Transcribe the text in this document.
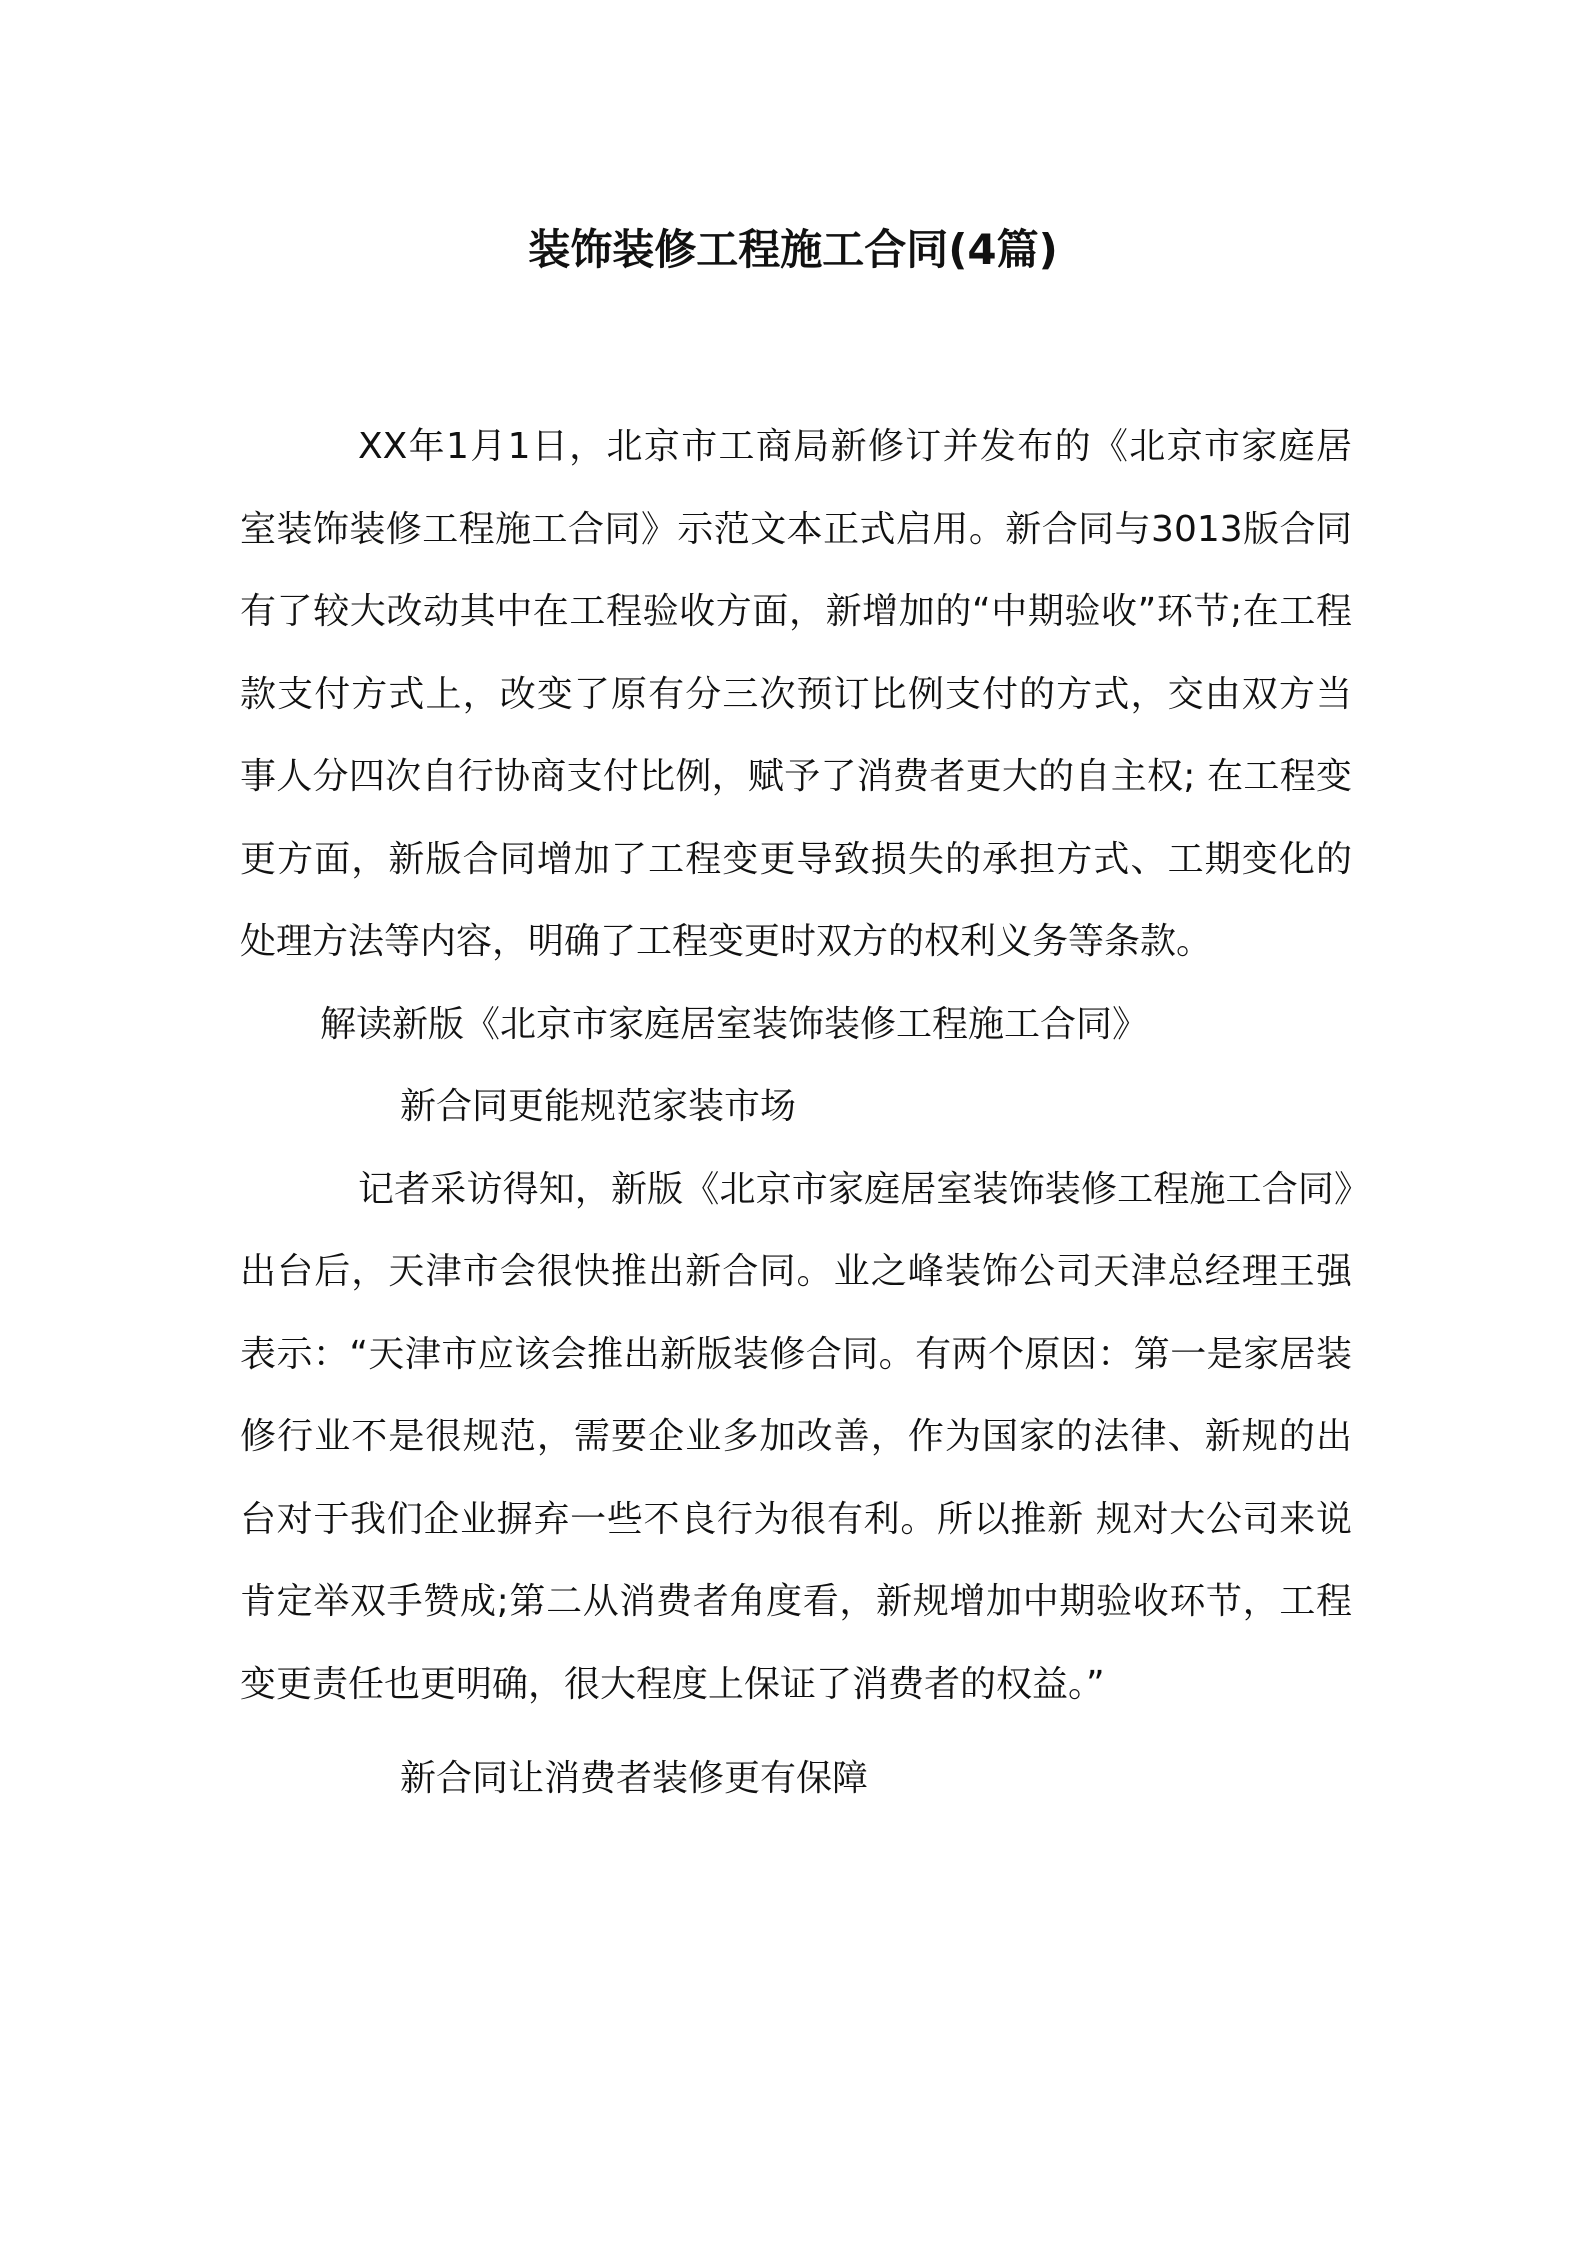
装饰装修工程施工合同(4篇)

XX年1月1日，北京市工商局新修订并发布的《北京市家庭居室装饰装修工程施工合同》示范文本正式启用。新合同与3013版合同有了较大改动其中在工程验收方面，新增加的“中期验收”环节;在工程款支付方式上，改变了原有分三次预订比例支付的方式，交由双方当事人分四次自行协商支付比例，赋予了消费者更大的自主权; 在工程变更方面，新版合同增加了工程变更导致损失的承担方式、工期变化的处理方法等内容，明确了工程变更时双方的权利义务等条款。

解读新版《北京市家庭居室装饰装修工程施工合同》

新合同更能规范家装市场

记者采访得知，新版《北京市家庭居室装饰装修工程施工合同》出台后，天津市会很快推出新合同。业之峰装饰公司天津总经理王强表示：“天津市应该会推出新版装修合同。有两个原因：第一是家居装修行业不是很规范，需要企业多加改善，作为国家的法律、新规的出台对于我们企业摒弃一些不良行为很有利。所以推新 规对大公司来说肯定举双手赞成;第二从消费者角度看，新规增加中期验收环节，工程变更责任也更明确，很大程度上保证了消费者的权益。”

新合同让消费者装修更有保障
